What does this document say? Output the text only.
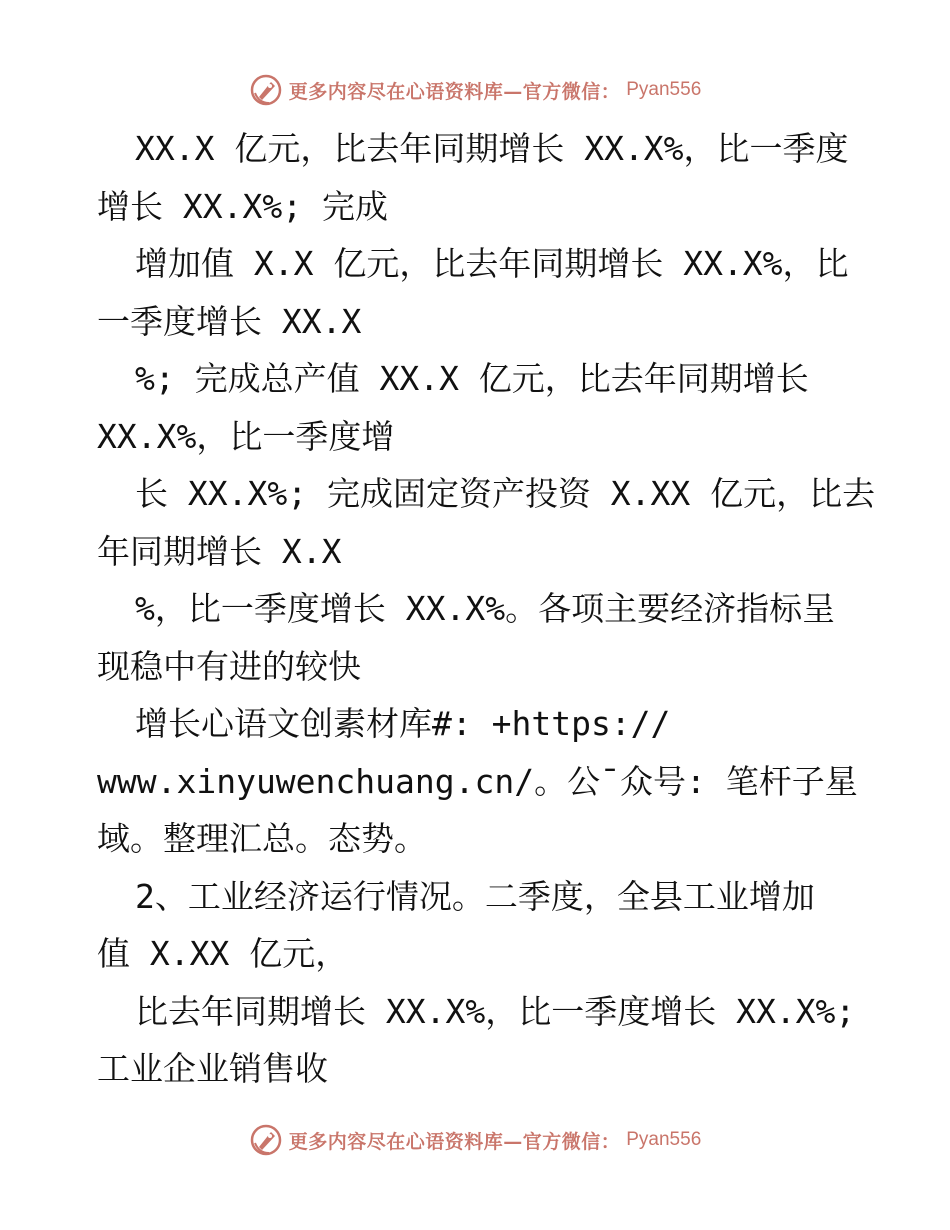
更多内容尽在心语资料库—官方微信： Pyan556
XX.X 亿元，比去年同期增长 XX.X%，比一季度
增长 XX.X%; 完成
增加值 X.X 亿元，比去年同期增长 XX.X%，比
一季度增长 XX.X
%; 完成总产值 XX.X 亿元，比去年同期增长
XX.X%，比一季度增
长 XX.X%; 完成固定资产投资 X.XX 亿元，比去
年同期增长 X.X
%，比一季度增长 XX.X%。各项主要经济指标呈
现稳中有进的较快
增长心语文创素材库#: +https://
www.xinyuwenchuang.cn/。公¯众号: 笔杆子星
域。整理汇总。态势。
2、工业经济运行情况。二季度，全县工业增加
值 X.XX 亿元，
比去年同期增长 XX.X%，比一季度增长 XX.X%;
工业企业销售收
更多内容尽在心语资料库—官方微信： Pyan556
